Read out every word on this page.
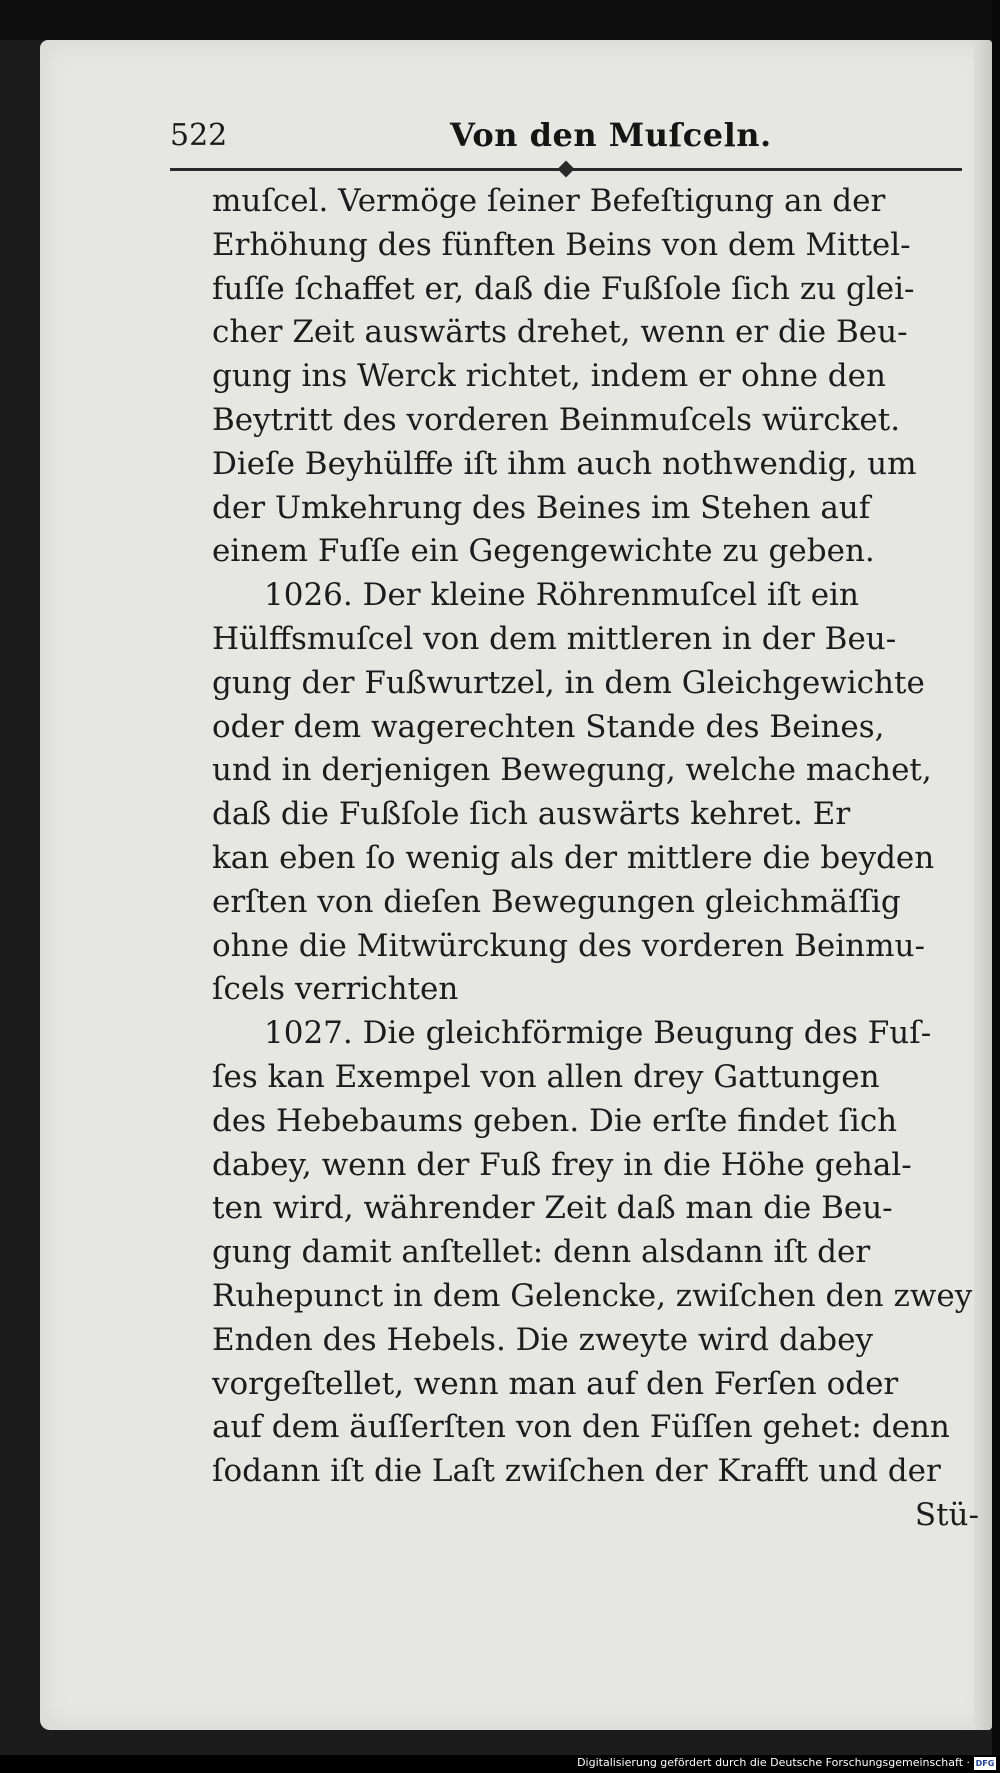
522	Von den Muſceln.
muſcel. Vermöge ſeiner Befeſtigung an der
Erhöhung des fünften Beins von dem Mittel-
fuſſe ſchaffet er, daß die Fußſole ſich zu glei-
cher Zeit auswärts drehet, wenn er die Beu-
gung ins Werck richtet, indem er ohne den
Beytritt des vorderen Beinmuſcels würcket.
Dieſe Beyhülffe iſt ihm auch nothwendig, um
der Umkehrung des Beines im Stehen auf
einem Fuſſe ein Gegengewichte zu geben.
1026. Der kleine Röhrenmuſcel iſt ein
Hülffsmuſcel von dem mittleren in der Beu-
gung der Fußwurtzel, in dem Gleichgewichte
oder dem wagerechten Stande des Beines,
und in derjenigen Bewegung, welche machet,
daß die Fußſole ſich auswärts kehret. Er
kan eben ſo wenig als der mittlere die beyden
erſten von dieſen Bewegungen gleichmäſſig
ohne die Mitwürckung des vorderen Beinmu-
ſcels verrichten
1027. Die gleichförmige Beugung des Fuſ-
ſes kan Exempel von allen drey Gattungen
des Hebebaums geben. Die erſte findet ſich
dabey, wenn der Fuß frey in die Höhe gehal-
ten wird, währender Zeit daß man die Beu-
gung damit anſtellet: denn alsdann iſt der
Ruhepunct in dem Gelencke, zwiſchen den zwey
Enden des Hebels. Die zweyte wird dabey
vorgeſtellet, wenn man auf den Ferſen oder
auf dem äuſſerſten von den Füſſen gehet: denn
ſodann iſt die Laſt zwiſchen der Krafft und der
Stü-
Digitalisierung gefördert durch die Deutsche Forschungsgemeinschaft · DFG
